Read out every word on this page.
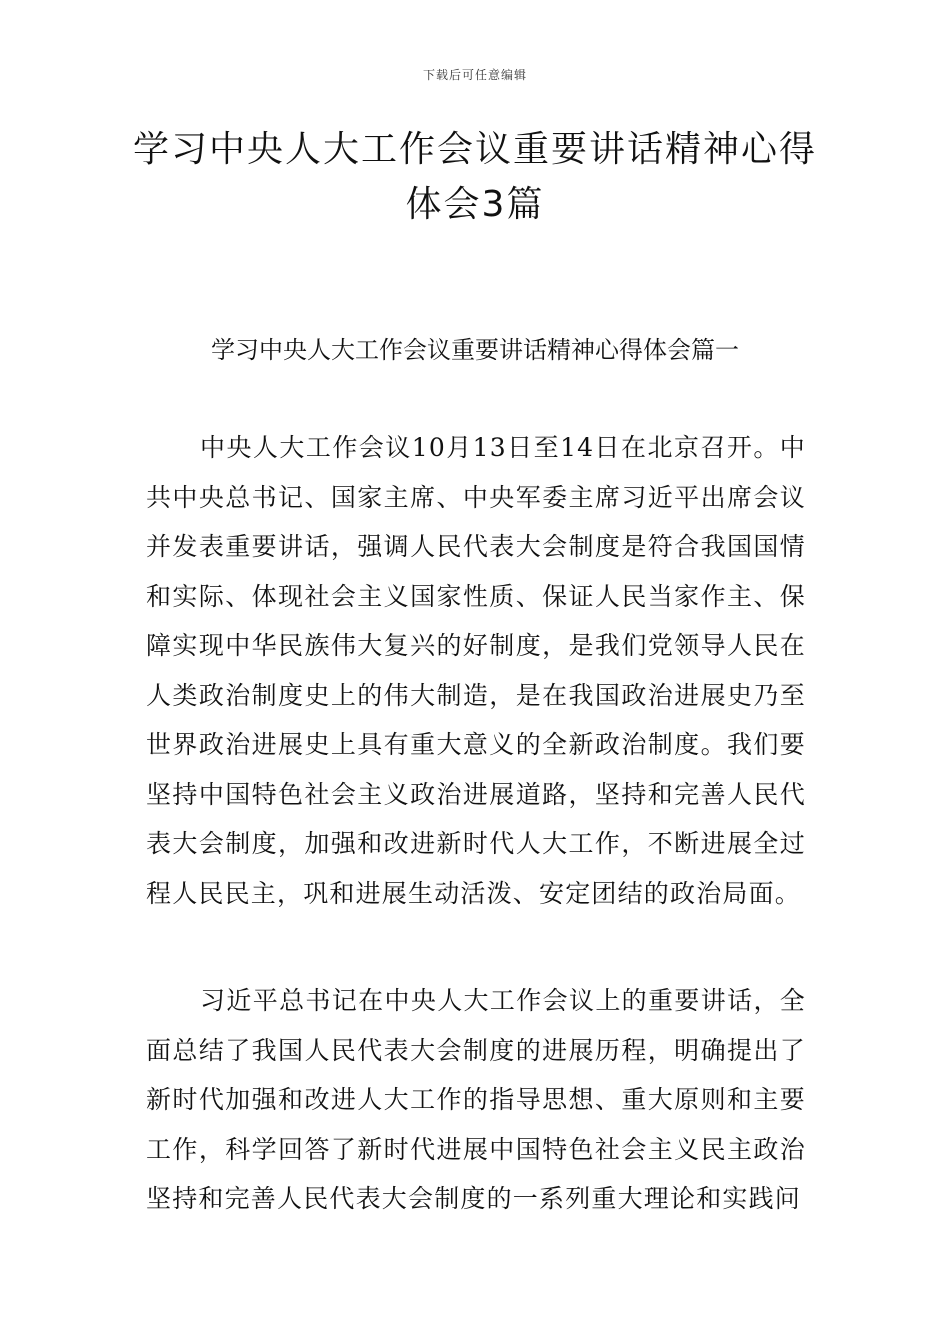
下载后可任意编辑
学习中央人大工作会议重要讲话精神心得体会3篇
学习中央人大工作会议重要讲话精神心得体会篇一

中央人大工作会议10月13日至14日在北京召开。中共中央总书记、国家主席、中央军委主席习近平出席会议并发表重要讲话，强调人民代表大会制度是符合我国国情和实际、体现社会主义国家性质、保证人民当家作主、保障实现中华民族伟大复兴的好制度，是我们党领导人民在人类政治制度史上的伟大制造，是在我国政治进展史乃至世界政治进展史上具有重大意义的全新政治制度。我们要坚持中国特色社会主义政治进展道路，坚持和完善人民代表大会制度，加强和改进新时代人大工作，不断进展全过程人民民主，巩和进展生动活泼、安定团结的政治局面。

习近平总书记在中央人大工作会议上的重要讲话，全面总结了我国人民代表大会制度的进展历程，明确提出了新时代加强和改进人大工作的指导思想、重大原则和主要工作，科学回答了新时代进展中国特色社会主义民主政治坚持和完善人民代表大会制度的一系列重大理论和实践问
